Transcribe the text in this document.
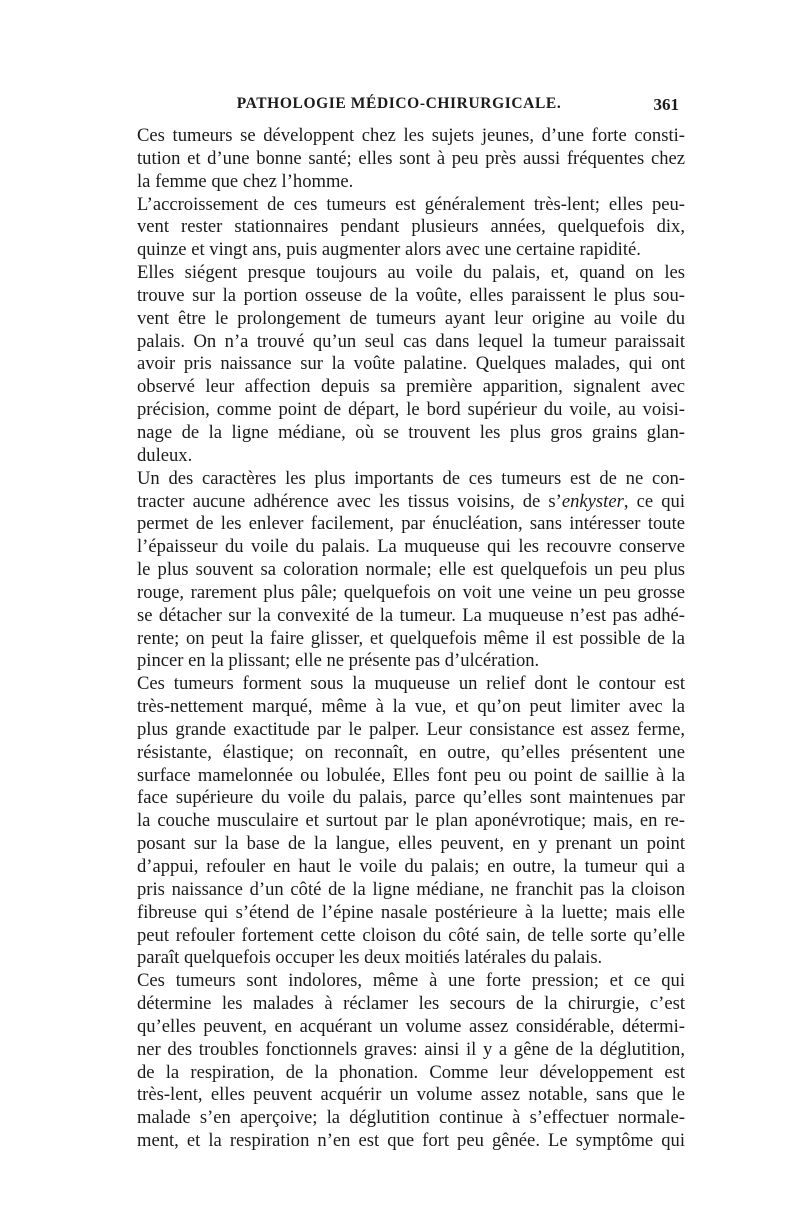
PATHOLOGIE MÉDICO-CHIRURGICALE.	361

Ces tumeurs se développent chez les sujets jeunes, d’une forte consti-
tution et d’une bonne santé; elles sont à peu près aussi fréquentes chez
la femme que chez l’homme.

L’accroissement de ces tumeurs est généralement très-lent; elles peu-
vent rester stationnaires pendant plusieurs années, quelquefois dix,
quinze et vingt ans, puis augmenter alors avec une certaine rapidité.

Elles siégent presque toujours au voile du palais, et, quand on les
trouve sur la portion osseuse de la voûte, elles paraissent le plus sou-
vent être le prolongement de tumeurs ayant leur origine au voile du
palais. On n’a trouvé qu’un seul cas dans lequel la tumeur paraissait
avoir pris naissance sur la voûte palatine. Quelques malades, qui ont
observé leur affection depuis sa première apparition, signalent avec
précision, comme point de départ, le bord supérieur du voile, au voisi-
nage de la ligne médiane, où se trouvent les plus gros grains glan-
duleux.

Un des caractères les plus importants de ces tumeurs est de ne con-
tracter aucune adhérence avec les tissus voisins, de s’enkyster, ce qui
permet de les enlever facilement, par énucléation, sans intéresser toute
l’épaisseur du voile du palais. La muqueuse qui les recouvre conserve
le plus souvent sa coloration normale; elle est quelquefois un peu plus
rouge, rarement plus pâle; quelquefois on voit une veine un peu grosse
se détacher sur la convexité de la tumeur. La muqueuse n’est pas adhé-
rente; on peut la faire glisser, et quelquefois même il est possible de la
pincer en la plissant; elle ne présente pas d’ulcération.

Ces tumeurs forment sous la muqueuse un relief dont le contour est
très-nettement marqué, même à la vue, et qu’on peut limiter avec la
plus grande exactitude par le palper. Leur consistance est assez ferme,
résistante, élastique; on reconnaît, en outre, qu’elles présentent une
surface mamelonnée ou lobulée, Elles font peu ou point de saillie à la
face supérieure du voile du palais, parce qu’elles sont maintenues par
la couche musculaire et surtout par le plan aponévrotique; mais, en re-
posant sur la base de la langue, elles peuvent, en y prenant un point
d’appui, refouler en haut le voile du palais; en outre, la tumeur qui a
pris naissance d’un côté de la ligne médiane, ne franchit pas la cloison
fibreuse qui s’étend de l’épine nasale postérieure à la luette; mais elle
peut refouler fortement cette cloison du côté sain, de telle sorte qu’elle
paraît quelquefois occuper les deux moitiés latérales du palais.

Ces tumeurs sont indolores, même à une forte pression; et ce qui
détermine les malades à réclamer les secours de la chirurgie, c’est
qu’elles peuvent, en acquérant un volume assez considérable, détermi-
ner des troubles fonctionnels graves: ainsi il y a gêne de la déglutition,
de la respiration, de la phonation. Comme leur développement est
très-lent, elles peuvent acquérir un volume assez notable, sans que le
malade s’en aperçoive; la déglutition continue à s’effectuer normale-
ment, et la respiration n’en est que fort peu gênée. Le symptôme qui
